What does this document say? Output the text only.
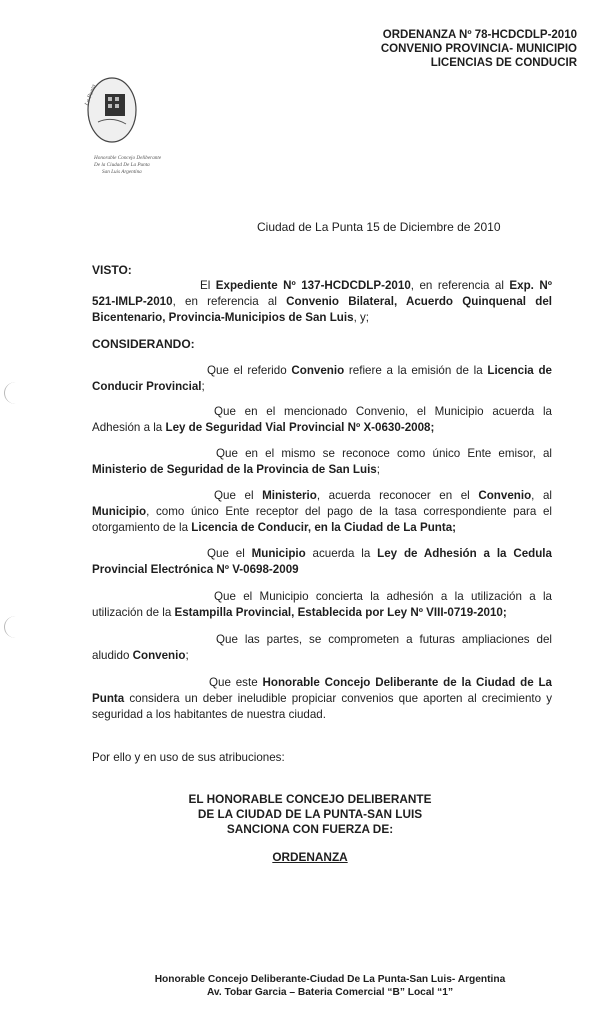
ORDENANZA Nº 78-HCDCDLP-2010
CONVENIO PROVINCIA- MUNICIPIO
LICENCIAS DE CONDUCIR
La Punta
Honorable Concejo Deliberante
De la Ciudad De La Punta
San Luis Argentina
Ciudad de La Punta 15 de Diciembre de 2010
VISTO:
El Expediente Nº 137-HCDCDLP-2010, en referencia al Exp. Nº 521-IMLP-2010, en referencia al Convenio Bilateral, Acuerdo Quinquenal del Bicentenario, Provincia-Municipios de San Luis, y;
CONSIDERANDO:
Que el referido Convenio refiere a la emisión de la Licencia de Conducir Provincial;
Que en el mencionado Convenio, el Municipio acuerda la Adhesión a la Ley de Seguridad Vial Provincial Nº X-0630-2008;
Que en el mismo se reconoce como único Ente emisor, al Ministerio de Seguridad de la Provincia de San Luis;
Que el Ministerio, acuerda reconocer en el Convenio, al Municipio, como único Ente receptor del pago de la tasa correspondiente para el otorgamiento de la Licencia de Conducir, en la Ciudad de La Punta;
Que el Municipio acuerda la Ley de Adhesión a la Cedula Provincial Electrónica Nº V-0698-2009
Que el Municipio concierta la adhesión a la utilización a la utilización de la Estampilla Provincial, Establecida por Ley Nº VIII-0719-2010;
Que las partes, se comprometen a futuras ampliaciones del aludido Convenio;
Que este Honorable Concejo Deliberante de la Ciudad de La Punta considera un deber ineludible propiciar convenios que aporten al crecimiento y seguridad a los habitantes de nuestra ciudad.
Por ello y en uso de sus atribuciones:
EL HONORABLE CONCEJO DELIBERANTE
DE LA CIUDAD DE LA PUNTA-SAN LUIS
SANCIONA CON FUERZA DE:
ORDENANZA
Honorable Concejo Deliberante-Ciudad De La Punta-San Luis- Argentina
Av. Tobar Garcia – Bateria Comercial “B” Local “1”
